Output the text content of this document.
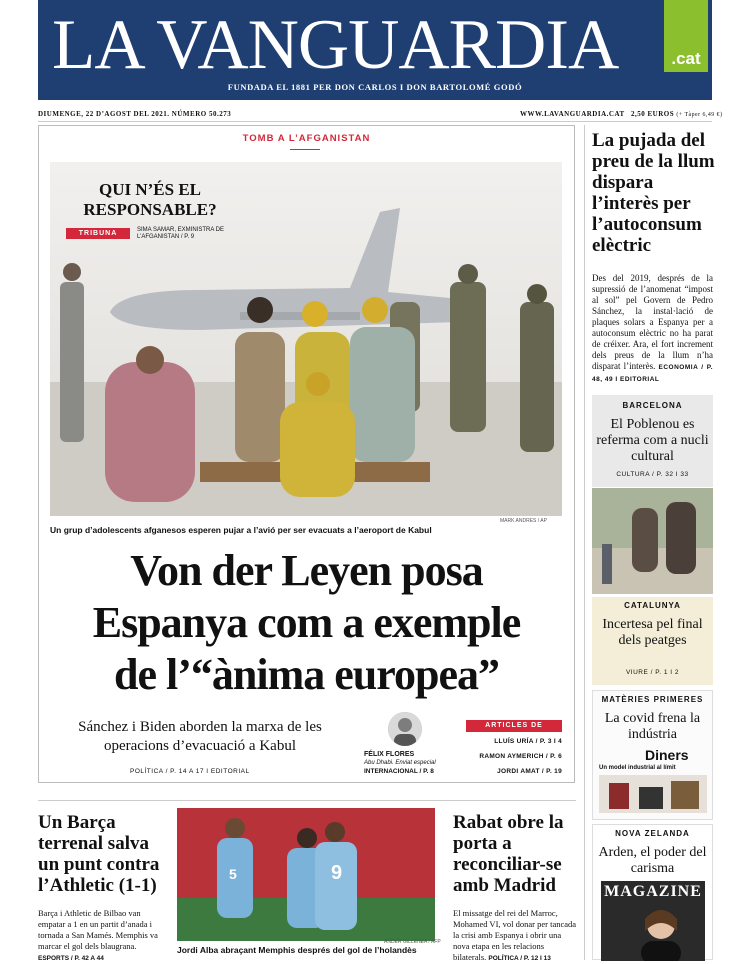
LA VANGUARDIA	.cat
FUNDADA EL 1881 PER DON CARLOS I DON BARTOLOMÉ GODÓ
DIUMENGE, 22 D’AGOST DEL 2021. NÚMERO 50.273	WWW.LAVANGUARDIA.CAT 2,50 EUROS (+ Tàper 6,49 €)
TOMB A L’AFGANISTAN
QUI N’ÉS EL RESPONSABLE?
TRIBUNA	SIMA SAMAR, EXMINISTRA DE L’AFGANISTAN / P. 9
MARK ANDRES / AP
Un grup d’adolescents afganesos esperen pujar a l’avió per ser evacuats a l’aeroport de Kabul
Von der Leyen posa
Espanya com a exemple
de l’“ànima europea”
Sánchez i Biden aborden la marxa de les operacions d’evacuació a Kabul
POLÍTICA / P. 14 A 17 I EDITORIAL
FÉLIX FLORES
Abu Dhabi. Enviat especial
INTERNACIONAL / P. 8
ARTICLES DE
LLUÍS URÍA / P. 3 I 4
RAMON AYMERICH / P. 6
JORDI AMAT / P. 19
La pujada del preu de la llum dispara l’interès per l’autoconsum elèctric
Des del 2019, després de la supressió de l’anomenat “impost al sol” pel Govern de Pedro Sánchez, la instal·lació de plaques solars a Espanya per a autoconsum elèctric no ha parat de créixer. Ara, el fort increment dels preus de la llum n’ha disparat l’interès. ECONOMIA / P. 48, 49 I EDITORIAL
BARCELONA
El Poblenou es referma com a nucli cultural
CULTURA / P. 32 I 33
CATALUNYA
Incertesa pel final dels peatges
VIURE / P. 1 I 2
MATÈRIES PRIMERES
La covid frena la indústria
Diners
Un model industrial al límit
NOVA ZELANDA
Arden, el poder del carisma
MAGAZINE
Un Barça terrenal salva un punt contra l’Athletic (1-1)
Barça i Athletic de Bilbao van empatar a 1 en un partit d’anada i tornada a San Mamés. Memphis va marcar el gol dels blaugrana. ESPORTS / P. 42 A 44
5	9
ANDER GILLENEA / AFP
Jordi Alba abraçant Memphis després del gol de l’holandès
Rabat obre la porta a reconciliar-se amb Madrid
El missatge del rei del Marroc, Mohamed VI, vol donar per tancada la crisi amb Espanya i obrir una nova etapa en les relacions bilaterals. POLÍTICA / P. 12 I 13
